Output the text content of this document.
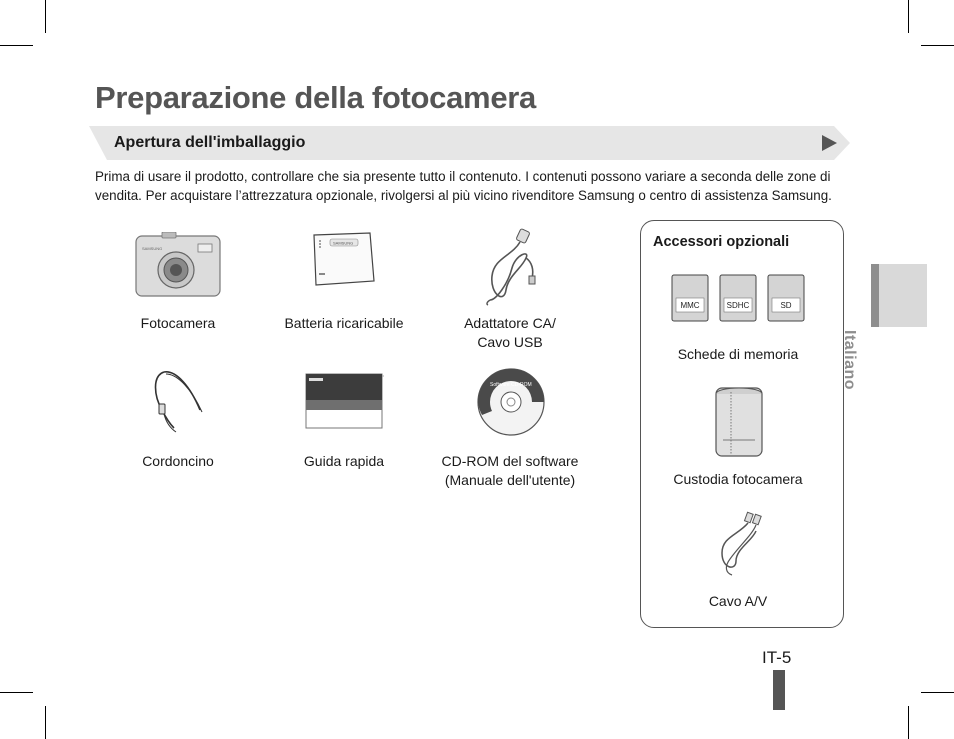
Preparazione della fotocamera
Apertura dell'imballaggio

Prima di usare il prodotto, controllare che sia presente tutto il contenuto. I contenuti possono variare a seconda delle zone di vendita. Per acquistare l’attrezzatura opzionale, rivolgersi al più vicino rivenditore Samsung o centro di assistenza Samsung.

SAMSUNG
SAMSUNG
Software CD-ROM
Fotocamera	Batteria ricaricabile	Adattatore CA/
Cavo USB
Cordoncino	Guida rapida	CD-ROM del software
(Manuale dell'utente)
Accessori opzionali
MMC	SDHC	SD
Schede di memoria
Custodia fotocamera
Cavo A/V
Italiano
IT-5
